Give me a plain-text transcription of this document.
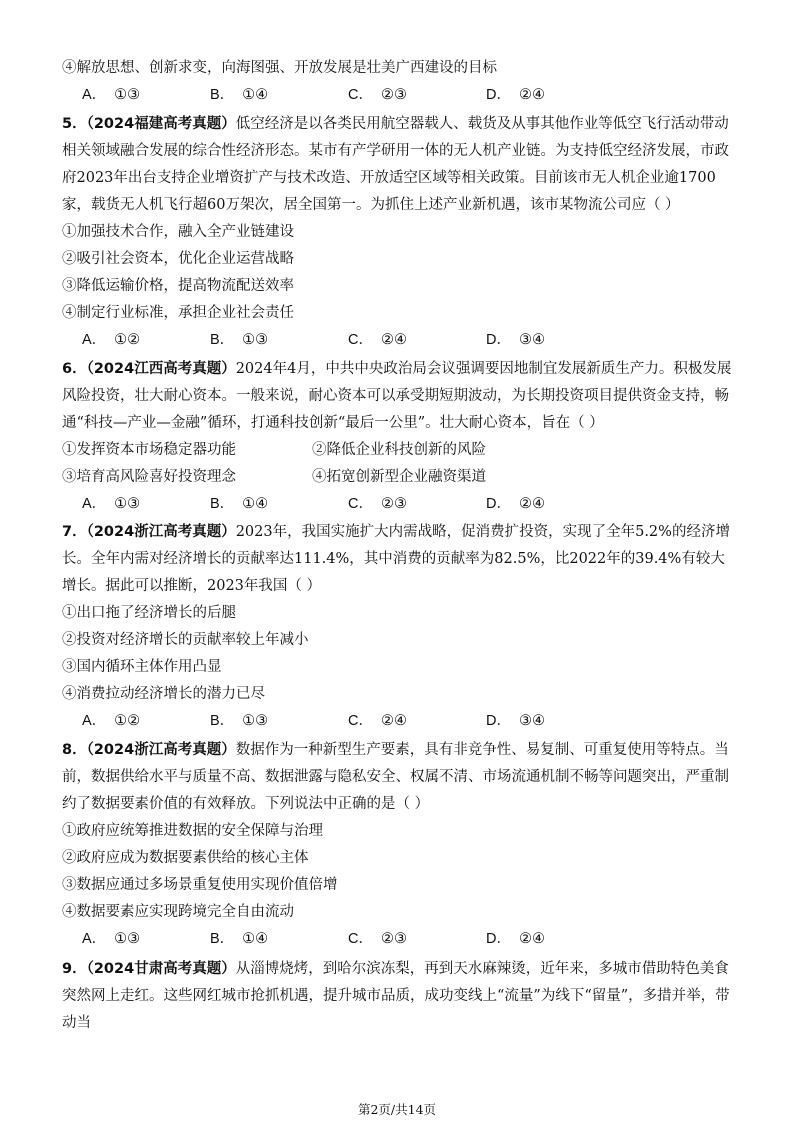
④解放思想、创新求变，向海图强、开放发展是壮美广西建设的目标
A． ①③	B． ①④	C． ②③	D． ②④
5．（2024福建高考真题）低空经济是以各类民用航空器载人、载货及从事其他作业等低空飞行活动带动相关领域融合发展的综合性经济形态。某市有产学研用一体的无人机产业链。为支持低空经济发展，市政府2023年出台支持企业增资扩产与技术改造、开放适空区域等相关政策。目前该市无人机企业逾1700家，载货无人机飞行超60万架次，居全国第一。为抓住上述产业新机遇，该市某物流公司应（ ）
①加强技术合作，融入全产业链建设
②吸引社会资本，优化企业运营战略
③降低运输价格，提高物流配送效率
④制定行业标准，承担企业社会责任
A． ①②	B． ①③	C． ②④	D． ③④
6．（2024江西高考真题）2024年4月，中共中央政治局会议强调要因地制宜发展新质生产力。积极发展风险投资，壮大耐心资本。一般来说，耐心资本可以承受期短期波动，为长期投资项目提供资金支持，畅通“科技—产业—金融”循环，打通科技创新“最后一公里”。壮大耐心资本，旨在（ ）
①发挥资本市场稳定器功能	②降低企业科技创新的风险
③培育高风险喜好投资理念	④拓宽创新型企业融资渠道
A． ①③	B． ①④	C． ②③	D． ②④
7．（2024浙江高考真题）2023年，我国实施扩大内需战略，促消费扩投资，实现了全年5.2%的经济增长。全年内需对经济增长的贡献率达111.4%，其中消费的贡献率为82.5%，比2022年的39.4%有较大增长。据此可以推断，2023年我国（ ）
①出口拖了经济增长的后腿
②投资对经济增长的贡献率较上年减小
③国内循环主体作用凸显
④消费拉动经济增长的潜力已尽
A． ①②	B． ①③	C． ②④	D． ③④
8．（2024浙江高考真题）数据作为一种新型生产要素，具有非竞争性、易复制、可重复使用等特点。当前，数据供给水平与质量不高、数据泄露与隐私安全、权属不清、市场流通机制不畅等问题突出，严重制约了数据要素价值的有效释放。下列说法中正确的是（ ）
①政府应统筹推进数据的安全保障与治理
②政府应成为数据要素供给的核心主体
③数据应通过多场景重复使用实现价值倍增
④数据要素应实现跨境完全自由流动
A． ①③	B． ①④	C． ②③	D． ②④
9．（2024甘肃高考真题）从淄博烧烤，到哈尔滨冻梨，再到天水麻辣烫，近年来，多城市借助特色美食突然网上走红。这些网红城市抢抓机遇，提升城市品质，成功变线上“流量”为线下“留量”，多措并举，带动当
第2页/共14页
